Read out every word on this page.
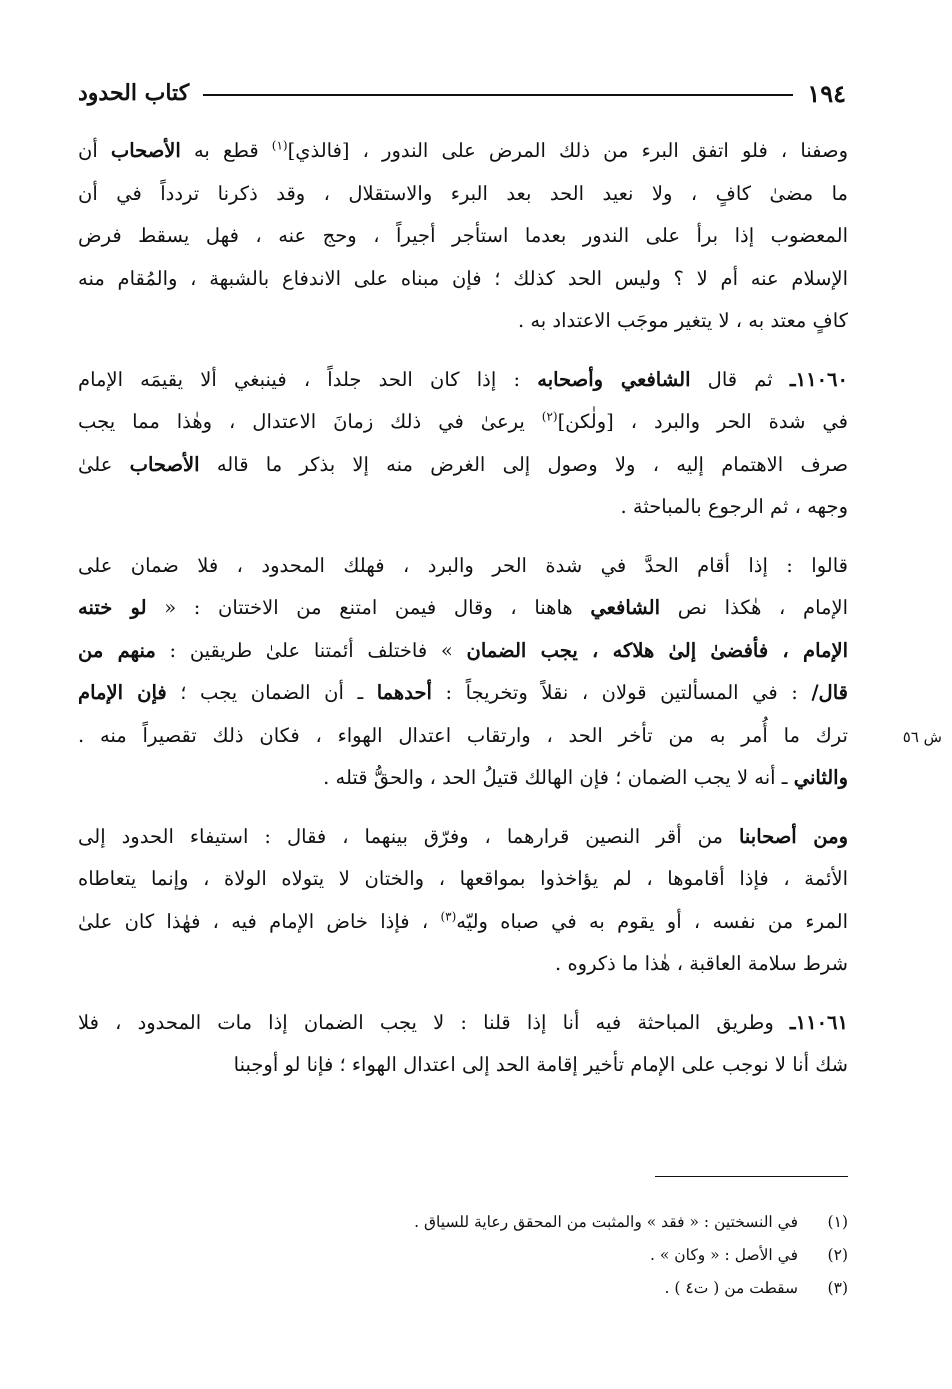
١٩٤
كتاب الحدود
ش ٥٦

وصفنا ، فلو اتفق البرء من ذلك المرض على الندور ، [فالذي]$^{(١)}$ قطع به الأصحاب أن
ما مضىٰ كافٍ ، ولا نعيد الحد بعد البرء والاستقلال ، وقد ذكرنا تردداً في أن
المعضوب إذا برأ على الندور بعدما استأجر أجيراً ، وحج عنه ، فهل يسقط فرض
الإسلام عنه أم لا ؟ وليس الحد كذلك ؛ فإن مبناه على الاندفاع بالشبهة ، والمُقام منه
كافٍ معتد به ، لا يتغير موجَب الاعتداد به .

١١٠٦٠ـ ثم قال الشافعي وأصحابه : إذا كان الحد جلداً ، فينبغي ألا يقيمَه الإمام
في شدة الحر والبرد ، [ولٰكن]$^{(٢)}$ يرعىٰ في ذلك زمانَ الاعتدال ، وهٰذا مما يجب
صرف الاهتمام إليه ، ولا وصول إلى الغرض منه إلا بذكر ما قاله الأصحاب علىٰ
وجهه ، ثم الرجوع بالمباحثة .

قالوا : إذا أقام الحدَّ في شدة الحر والبرد ، فهلك المحدود ، فلا ضمان على
الإمام ، هٰكذا نص الشافعي هاهنا ، وقال فيمن امتنع من الاختتان : « لو ختنه
الإمام ، فأفضىٰ إلىٰ هلاكه ، يجب الضمان » فاختلف أئمتنا علىٰ طريقين : منهم من
قال/ : في المسألتين قولان ، نقلاً وتخريجاً : أحدهما ـ أن الضمان يجب ؛ فإن الإمام
ترك ما أُمر به من تأخر الحد ، وارتقاب اعتدال الهواء ، فكان ذلك تقصيراً منه .
والثاني ـ أنه لا يجب الضمان ؛ فإن الهالك قتيلُ الحد ، والحقُّ قتله .

ومن أصحابنا من أقر النصين قرارهما ، وفرّق بينهما ، فقال : استيفاء الحدود إلى
الأئمة ، فإذا أقاموها ، لم يؤاخذوا بمواقعها ، والختان لا يتولاه الولاة ، وإنما يتعاطاه
المرء من نفسه ، أو يقوم به في صباه وليّه$^{(٣)}$ ، فإذا خاض الإمام فيه ، فهٰذا كان علىٰ
شرط سلامة العاقبة ، هٰذا ما ذكروه .

١١٠٦١ـ وطريق المباحثة فيه أنا إذا قلنا : لا يجب الضمان إذا مات المحدود ، فلا
شك أنا لا نوجب على الإمام تأخير إقامة الحد إلى اعتدال الهواء ؛ فإنا لو أوجبنا

(١)في النسختين : « فقد » والمثبت من المحقق رعاية للسياق .
(٢)في الأصل : « وكان » .
(٣)سقطت من ( ت٤ ) .
